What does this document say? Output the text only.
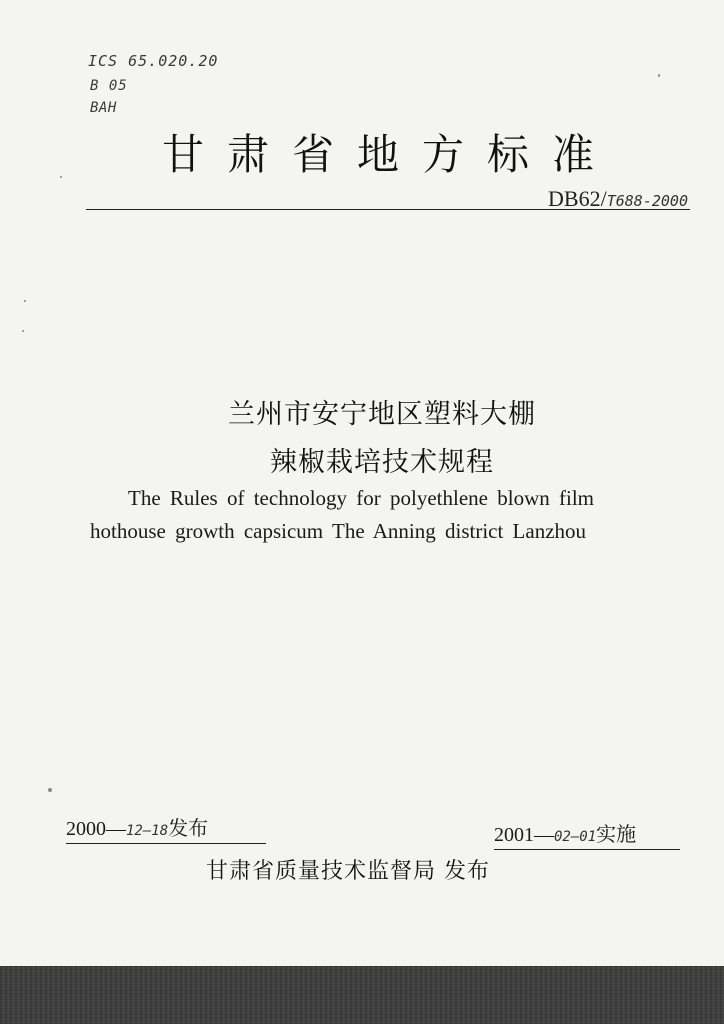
ICS 65.020.20
B 05
BAH
甘肃省地方标准
DB62/T688-2000
兰州市安宁地区塑料大棚
辣椒栽培技术规程
The Rules of technology for polyethlene blown film
hothouse growth capsicum The Anning district Lanzhou
2000—12—18发布	2001—02—01实施
甘肃省质量技术监督局 发布
